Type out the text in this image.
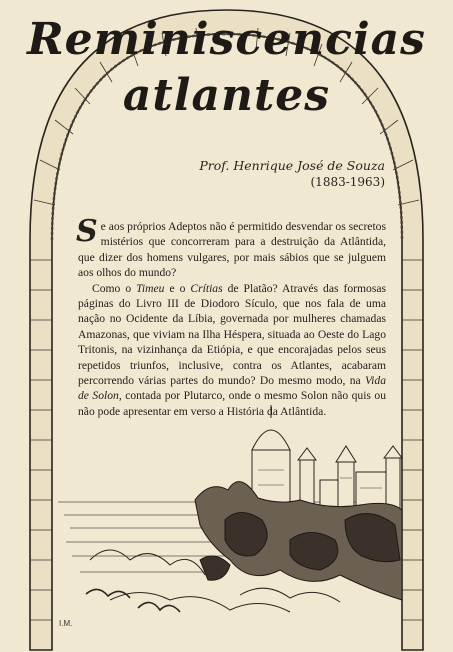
Reminiscencias
atlantes
Prof. Henrique José de Souza
(1883-1963)

Se aos próprios Adeptos não é permitido desvendar os secretos mistérios que concorreram para a destruição da Atlântida, que dizer dos homens vulgares, por mais sábios que se julguem aos olhos do mundo?

Como o Timeu e o Crítias de Platão? Através das formosas páginas do Livro III de Diodoro Sículo, que nos fala de uma nação no Ocidente da Líbia, governada por mulheres chamadas Amazonas, que viviam na Ilha Héspera, situada ao Oeste do Lago Tritonis, na vizinhança da Etiópia, e que encorajadas pelos seus repetidos triunfos, inclusive, contra os Atlantes, acabaram percorrendo várias partes do mundo? Do mesmo modo, na Vida de Solon, contada por Plutarco, onde o mesmo Solon não quis ou não pode apresentar em verso a História da Atlântida.

I.M.
